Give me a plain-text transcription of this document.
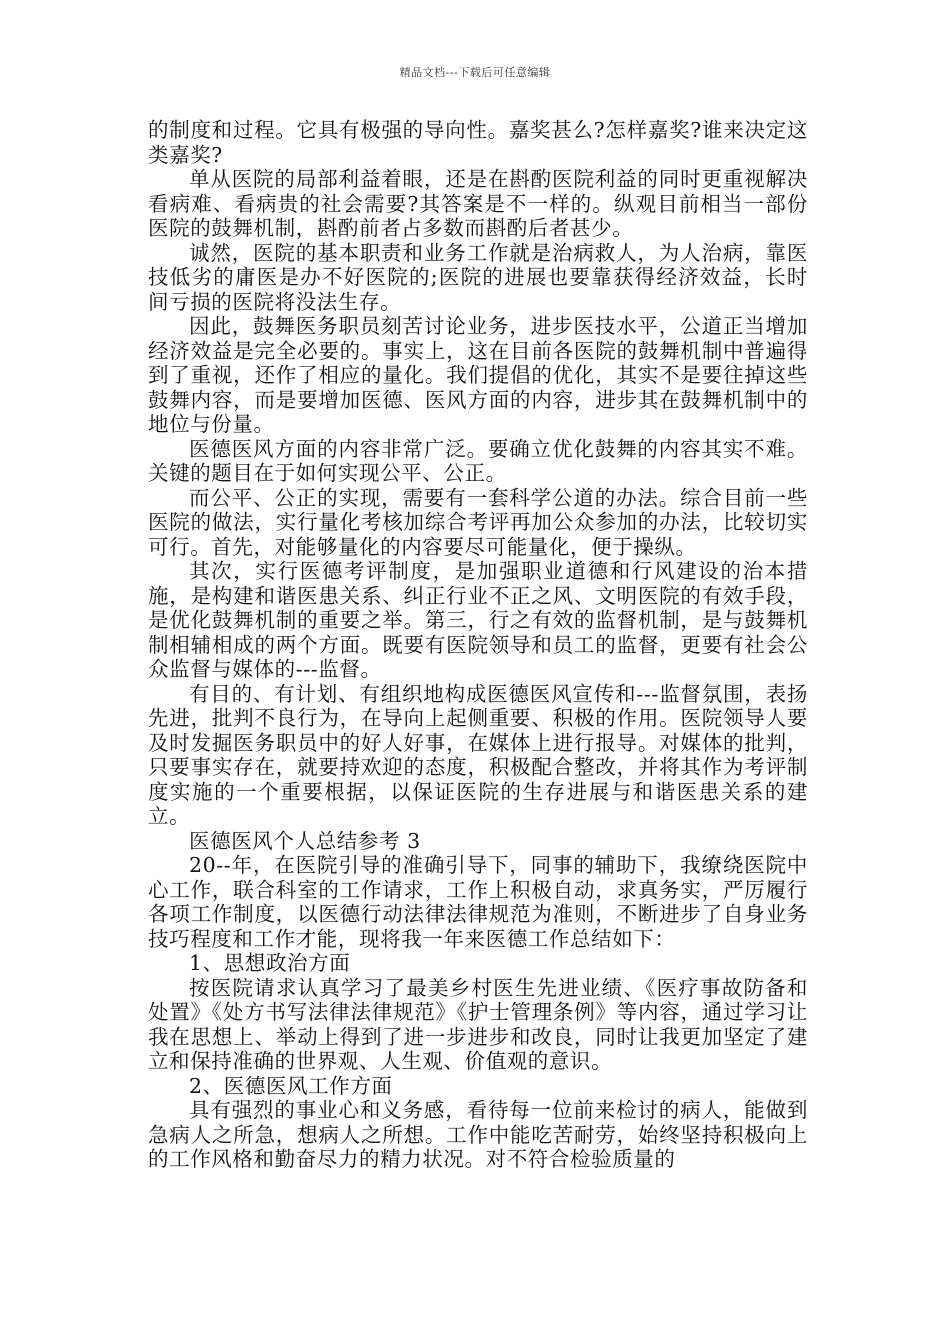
精品文档---下载后可任意编辑

的制度和过程。它具有极强的导向性。嘉奖甚么?怎样嘉奖?谁来决定这类嘉奖?

单从医院的局部利益着眼，还是在斟酌医院利益的同时更重视解决看病难、看病贵的社会需要?其答案是不一样的。纵观目前相当一部份医院的鼓舞机制，斟酌前者占多数而斟酌后者甚少。

诚然，医院的基本职责和业务工作就是治病救人，为人治病，靠医技低劣的庸医是办不好医院的;医院的进展也要靠获得经济效益，长时间亏损的医院将没法生存。

因此，鼓舞医务职员刻苦讨论业务，进步医技水平，公道正当增加经济效益是完全必要的。事实上，这在目前各医院的鼓舞机制中普遍得到了重视，还作了相应的量化。我们提倡的优化，其实不是要往掉这些鼓舞内容，而是要增加医德、医风方面的内容，进步其在鼓舞机制中的地位与份量。

医德医风方面的内容非常广泛。要确立优化鼓舞的内容其实不难。关键的题目在于如何实现公平、公正。

而公平、公正的实现，需要有一套科学公道的办法。综合目前一些医院的做法，实行量化考核加综合考评再加公众参加的办法，比较切实可行。首先，对能够量化的内容要尽可能量化，便于操纵。

其次，实行医德考评制度，是加强职业道德和行风建设的治本措施，是构建和谐医患关系、纠正行业不正之风、文明医院的有效手段，是优化鼓舞机制的重要之举。第三，行之有效的监督机制，是与鼓舞机制相辅相成的两个方面。既要有医院领导和员工的监督，更要有社会公众监督与媒体的---监督。

有目的、有计划、有组织地构成医德医风宣传和---监督氛围，表扬先进，批判不良行为，在导向上起侧重要、积极的作用。医院领导人要及时发掘医务职员中的好人好事，在媒体上进行报导。对媒体的批判，只要事实存在，就要持欢迎的态度，积极配合整改，并将其作为考评制度实施的一个重要根据，以保证医院的生存进展与和谐医患关系的建立。

医德医风个人总结参考 3

20--年，在医院引导的准确引导下，同事的辅助下，我缭绕医院中心工作，联合科室的工作请求，工作上积极自动，求真务实，严厉履行各项工作制度，以医德行动法律法律规范为准则，不断进步了自身业务技巧程度和工作才能，现将我一年来医德工作总结如下：

1、思想政治方面

按医院请求认真学习了最美乡村医生先进业绩、《医疗事故防备和处置》《处方书写法律法律规范》《护士管理条例》等内容，通过学习让我在思想上、举动上得到了进一步进步和改良，同时让我更加坚定了建立和保持准确的世界观、人生观、价值观的意识。

2、医德医风工作方面

具有强烈的事业心和义务感，看待每一位前来检讨的病人，能做到急病人之所急，想病人之所想。工作中能吃苦耐劳，始终坚持积极向上的工作风格和勤奋尽力的精力状况。对不符合检验质量的
